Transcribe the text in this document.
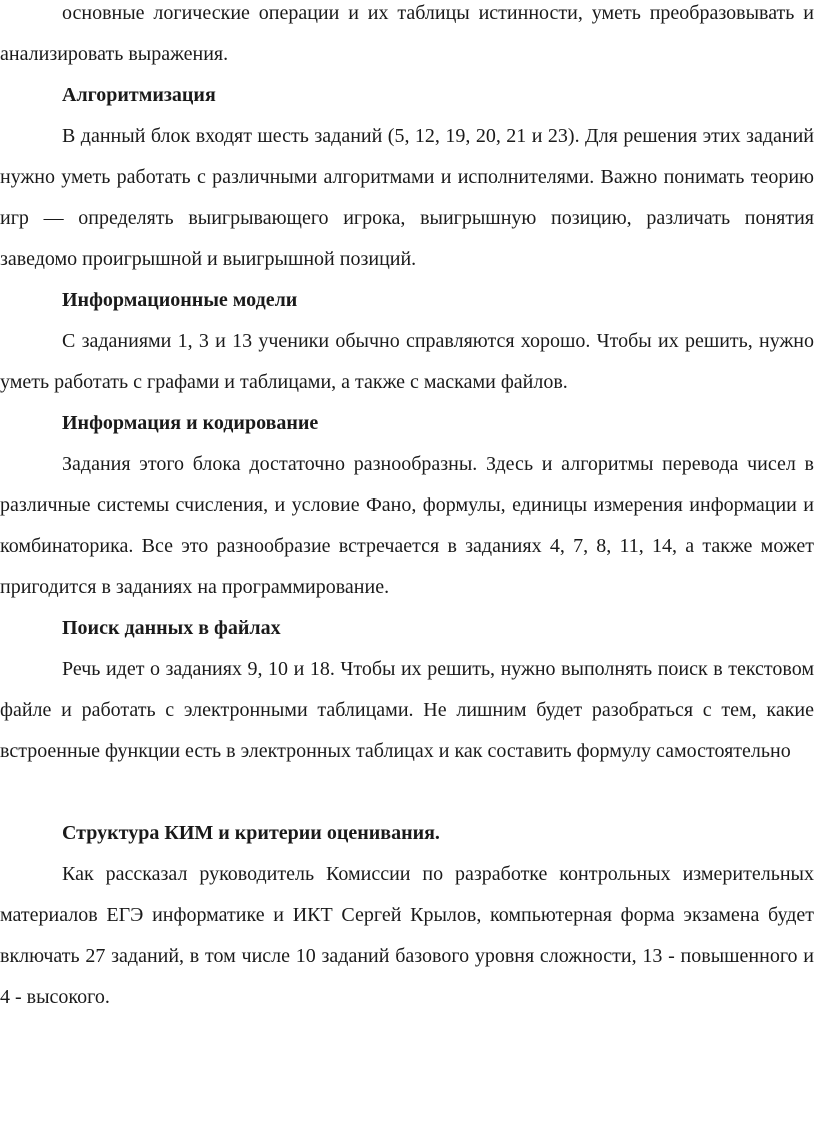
основные логические операции и их таблицы истинности, уметь преобразовывать и анализировать выражения.

Алгоритмизация

В данный блок входят шесть заданий (5, 12, 19, 20, 21 и 23). Для решения этих заданий нужно уметь работать с различными алгоритмами и исполнителями. Важно понимать теорию игр — определять выигрывающего игрока, выигрышную позицию, различать понятия заведомо проигрышной и выигрышной позиций.

Информационные модели

С заданиями 1, 3 и 13 ученики обычно справляются хорошо. Чтобы их решить, нужно уметь работать с графами и таблицами, а также с масками файлов.

Информация и кодирование

Задания этого блока достаточно разнообразны. Здесь и алгоритмы перевода чисел в различные системы счисления, и условие Фано, формулы, единицы измерения информации и комбинаторика. Все это разнообразие встречается в заданиях 4, 7, 8, 11, 14, а также может пригодится в заданиях на программирование.

Поиск данных в файлах

Речь идет о заданиях 9, 10 и 18. Чтобы их решить, нужно выполнять поиск в текстовом файле и работать с электронными таблицами. Не лишним будет разобраться с тем, какие встроенные функции есть в электронных таблицах и как составить формулу самостоятельно

Структура КИМ и критерии оценивания.

Как рассказал руководитель Комиссии по разработке контрольных измерительных материалов ЕГЭ информатике и ИКТ Сергей Крылов, компьютерная форма экзамена будет включать 27 заданий, в том числе 10 заданий базового уровня сложности, 13 - повышенного и 4 - высокого.
